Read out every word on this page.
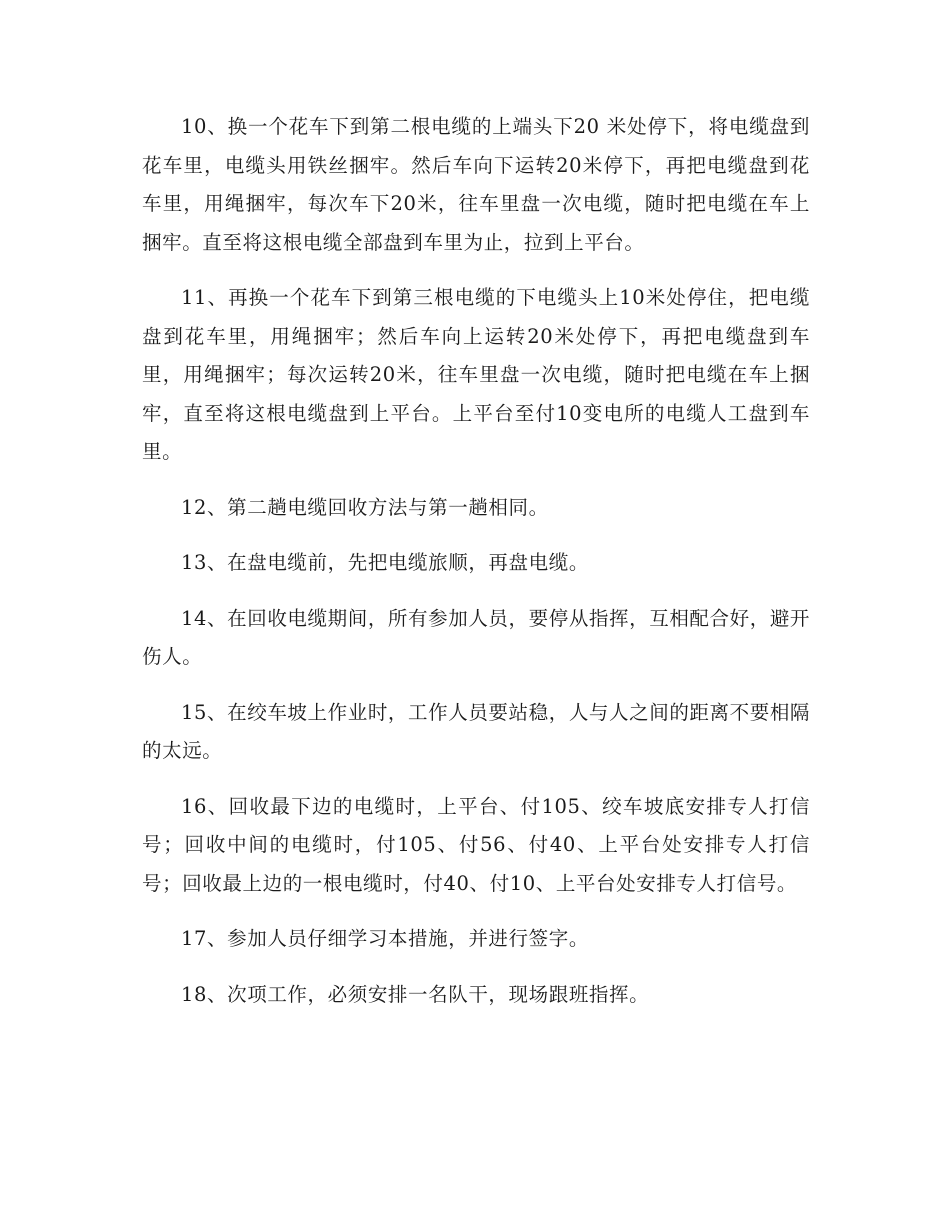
10、换一个花车下到第二根电缆的上端头下20 米处停下，将电缆盘到花车里，电缆头用铁丝捆牢。然后车向下运转20米停下，再把电缆盘到花车里，用绳捆牢，每次车下20米，往车里盘一次电缆，随时把电缆在车上捆牢。直至将这根电缆全部盘到车里为止，拉到上平台。

11、再换一个花车下到第三根电缆的下电缆头上10米处停住，把电缆盘到花车里，用绳捆牢；然后车向上运转20米处停下，再把电缆盘到车里，用绳捆牢；每次运转20米，往车里盘一次电缆，随时把电缆在车上捆牢，直至将这根电缆盘到上平台。上平台至付10变电所的电缆人工盘到车里。

12、第二趟电缆回收方法与第一趟相同。

13、在盘电缆前，先把电缆旅顺，再盘电缆。

14、在回收电缆期间，所有参加人员，要停从指挥，互相配合好，避开伤人。

15、在绞车坡上作业时，工作人员要站稳，人与人之间的距离不要相隔的太远。

16、回收最下边的电缆时，上平台、付105、绞车坡底安排专人打信号；回收中间的电缆时，付105、付56、付40、上平台处安排专人打信号；回收最上边的一根电缆时，付40、付10、上平台处安排专人打信号。

17、参加人员仔细学习本措施，并进行签字。

18、次项工作，必须安排一名队干，现场跟班指挥。
